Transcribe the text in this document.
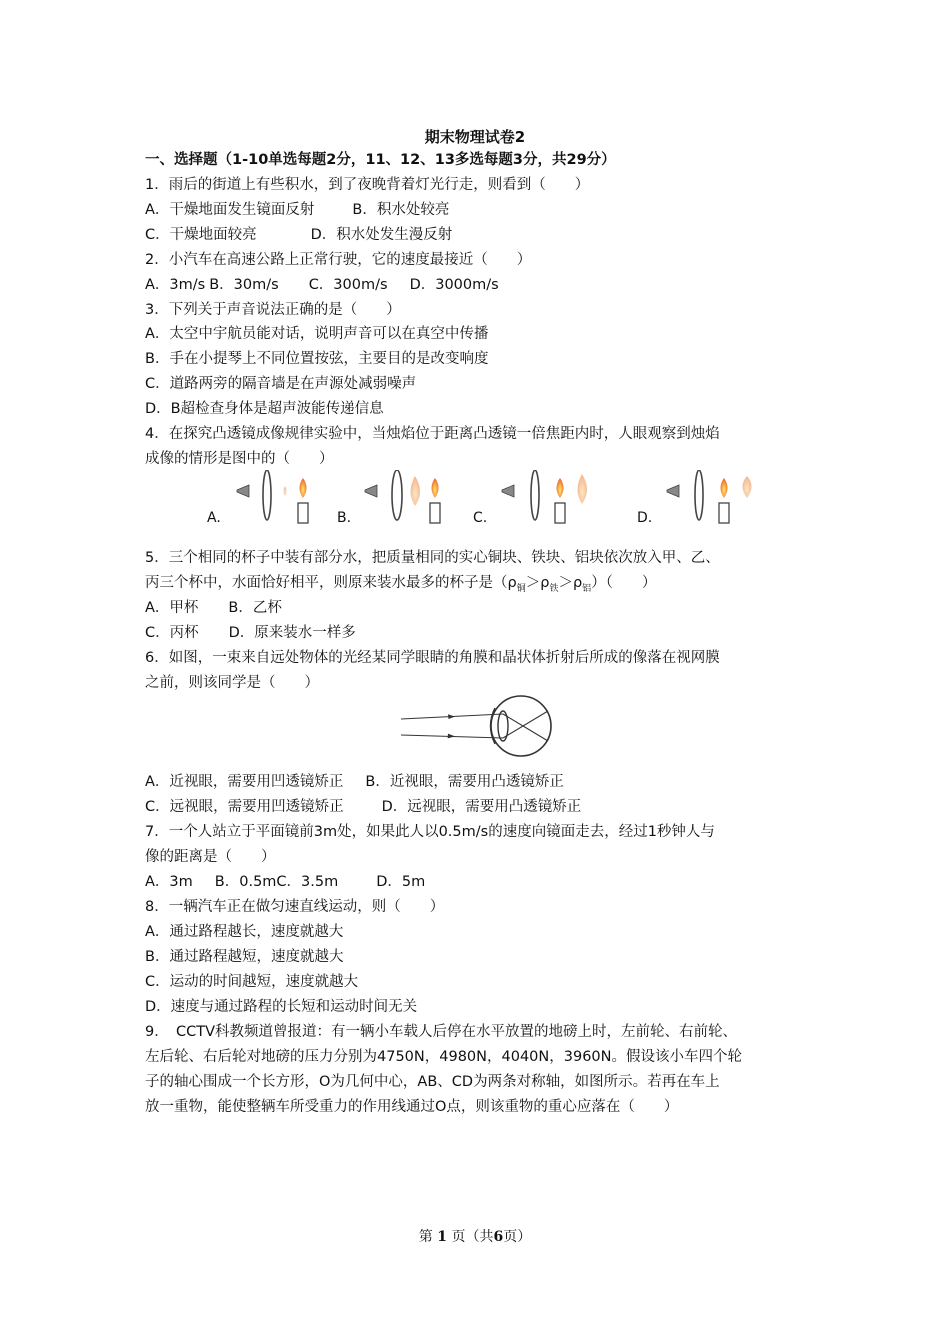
期末物理试卷2
一、选择题（1-10单选每题2分，11、12、13多选每题3分，共29分）
1．雨后的街道上有些积水，到了夜晚背着灯光行走，则看到（　　）
A．干燥地面发生镜面反射	B．积水处较亮
C．干燥地面较亮	D．积水处发生漫反射
2．小汽车在高速公路上正常行驶，它的速度最接近（　　）
A．3m/s B．30m/s C．300m/s D．3000m/s
3．下列关于声音说法正确的是（　　）
A．太空中宇航员能对话，说明声音可以在真空中传播
B．手在小提琴上不同位置按弦，主要目的是改变响度
C．道路两旁的隔音墙是在声源处减弱噪声
D．B超检查身体是超声波能传递信息
4．在探究凸透镜成像规律实验中，当烛焰位于距离凸透镜一倍焦距内时，人眼观察到烛焰
成像的情形是图中的（　　）
A.	B.	C.	D.
5．三个相同的杯子中装有部分水，把质量相同的实心铜块、铁块、铝块依次放入甲、乙、
丙三个杯中，水面恰好相平，则原来装水最多的杯子是$(\rho_铜>\rho_铁>\rho_铝)$（　　）
A．甲杯 B．乙杯
C．丙杯 D．原来装水一样多
6．如图，一束来自远处物体的光经某同学眼睛的角膜和晶状体折射后所成的像落在视网膜
之前，则该同学是（　　）
A．近视眼，需要用凹透镜矫正 B．近视眼，需要用凸透镜矫正
C．远视眼，需要用凹透镜矫正	D．远视眼，需要用凸透镜矫正
7．一个人站立于平面镜前3m处，如果此人以0.5m/s的速度向镜面走去，经过1秒钟人与
像的距离是（　　）
A．3m B．0.5mC．3.5m	D．5m
8．一辆汽车正在做匀速直线运动，则（　　）
A．通过路程越长，速度就越大
B．通过路程越短，速度就越大
C．运动的时间越短，速度就越大
D．速度与通过路程的长短和运动时间无关
9．　CCTV科教频道曾报道：有一辆小车载人后停在水平放置的地磅上时，左前轮、右前轮、
左后轮、右后轮对地磅的压力分别为4750N，4980N，4040N，3960N。假设该小车四个轮
子的轴心围成一个长方形，O为几何中心，AB、CD为两条对称轴，如图所示。若再在车上
放一重物，能使整辆车所受重力的作用线通过O点，则该重物的重心应落在（　　）
第 1 页（共6页）
